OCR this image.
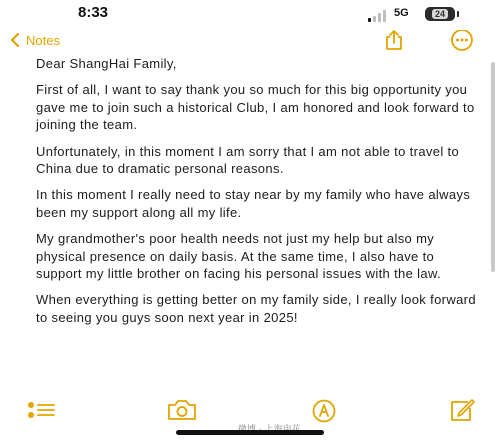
8:33	5G	24
Notes

Dear ShangHai Family,

First of all, I want to say thank you so much for this big opportunity you gave me to join such a historical Club, I am honored and look forward to joining the team.

Unfortunately, in this moment I am sorry that I am not able to travel to China due to dramatic personal reasons.

In this moment I really need to stay near by my family who have always been my support along all my life.

My grandmother's poor health needs not just my help but also my physical presence on daily basis. At the same time, I also have to support my little brother on facing his personal issues with the law.

When everything is getting better on my family side, I really look forward to seeing you guys soon next year in 2025!
